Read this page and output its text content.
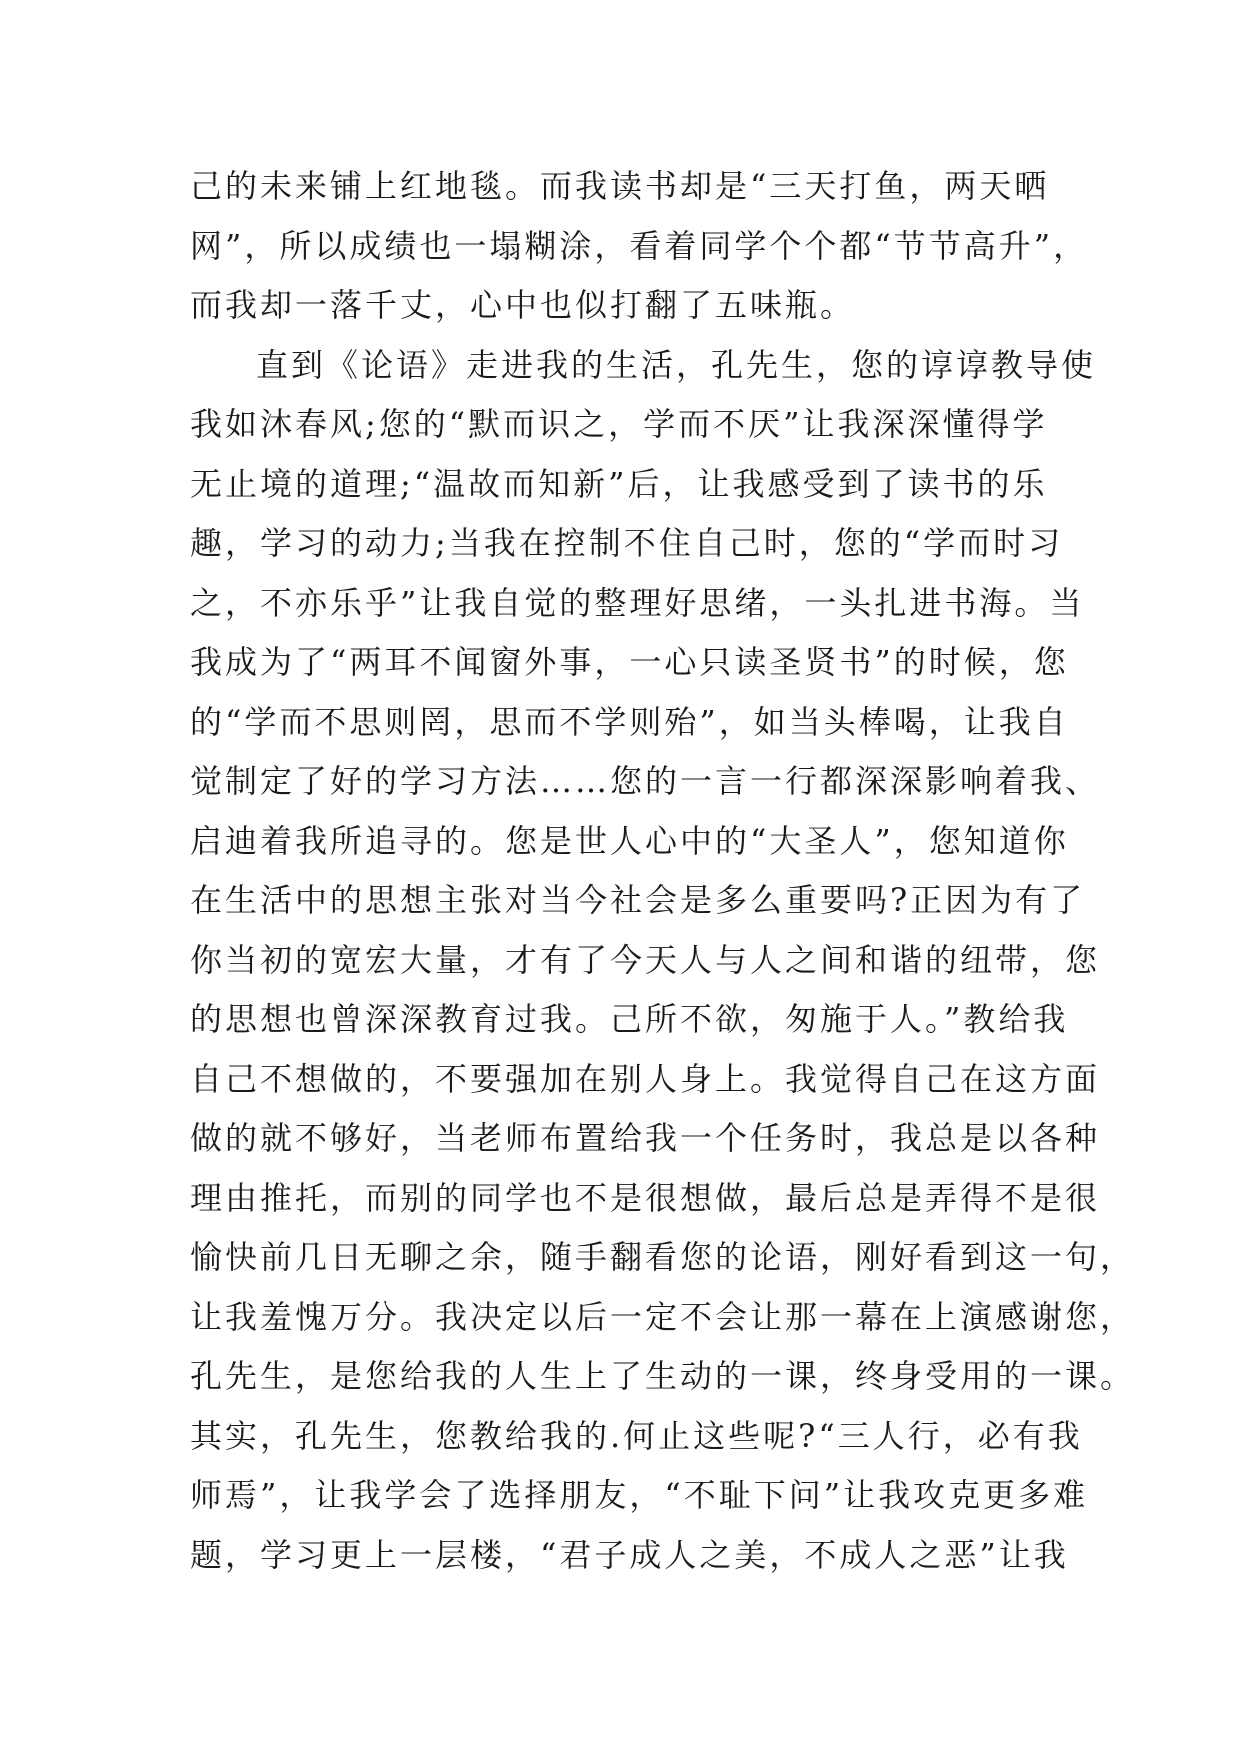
己的未来铺上红地毯。而我读书却是“三天打鱼，两天晒
网”，所以成绩也一塌糊涂，看着同学个个都“节节高升”，
而我却一落千丈，心中也似打翻了五味瓶。
直到《论语》走进我的生活，孔先生，您的谆谆教导使
我如沐春风;您的“默而识之，学而不厌”让我深深懂得学
无止境的道理;“温故而知新”后，让我感受到了读书的乐
趣，学习的动力;当我在控制不住自己时，您的“学而时习
之，不亦乐乎”让我自觉的整理好思绪，一头扎进书海。当
我成为了“两耳不闻窗外事，一心只读圣贤书”的时候，您
的“学而不思则罔，思而不学则殆”，如当头棒喝，让我自
觉制定了好的学习方法……您的一言一行都深深影响着我、
启迪着我所追寻的。您是世人心中的“大圣人”，您知道你
在生活中的思想主张对当今社会是多么重要吗?正因为有了
你当初的宽宏大量，才有了今天人与人之间和谐的纽带，您
的思想也曾深深教育过我。己所不欲，匆施于人。”教给我
自己不想做的，不要强加在别人身上。我觉得自己在这方面
做的就不够好，当老师布置给我一个任务时，我总是以各种
理由推托，而别的同学也不是很想做，最后总是弄得不是很
愉快前几日无聊之余，随手翻看您的论语，刚好看到这一句，
让我羞愧万分。我决定以后一定不会让那一幕在上演感谢您，
孔先生，是您给我的人生上了生动的一课，终身受用的一课。
其实，孔先生，您教给我的.何止这些呢?“三人行，必有我
师焉”，让我学会了选择朋友，“不耻下问”让我攻克更多难
题，学习更上一层楼，“君子成人之美，不成人之恶”让我
